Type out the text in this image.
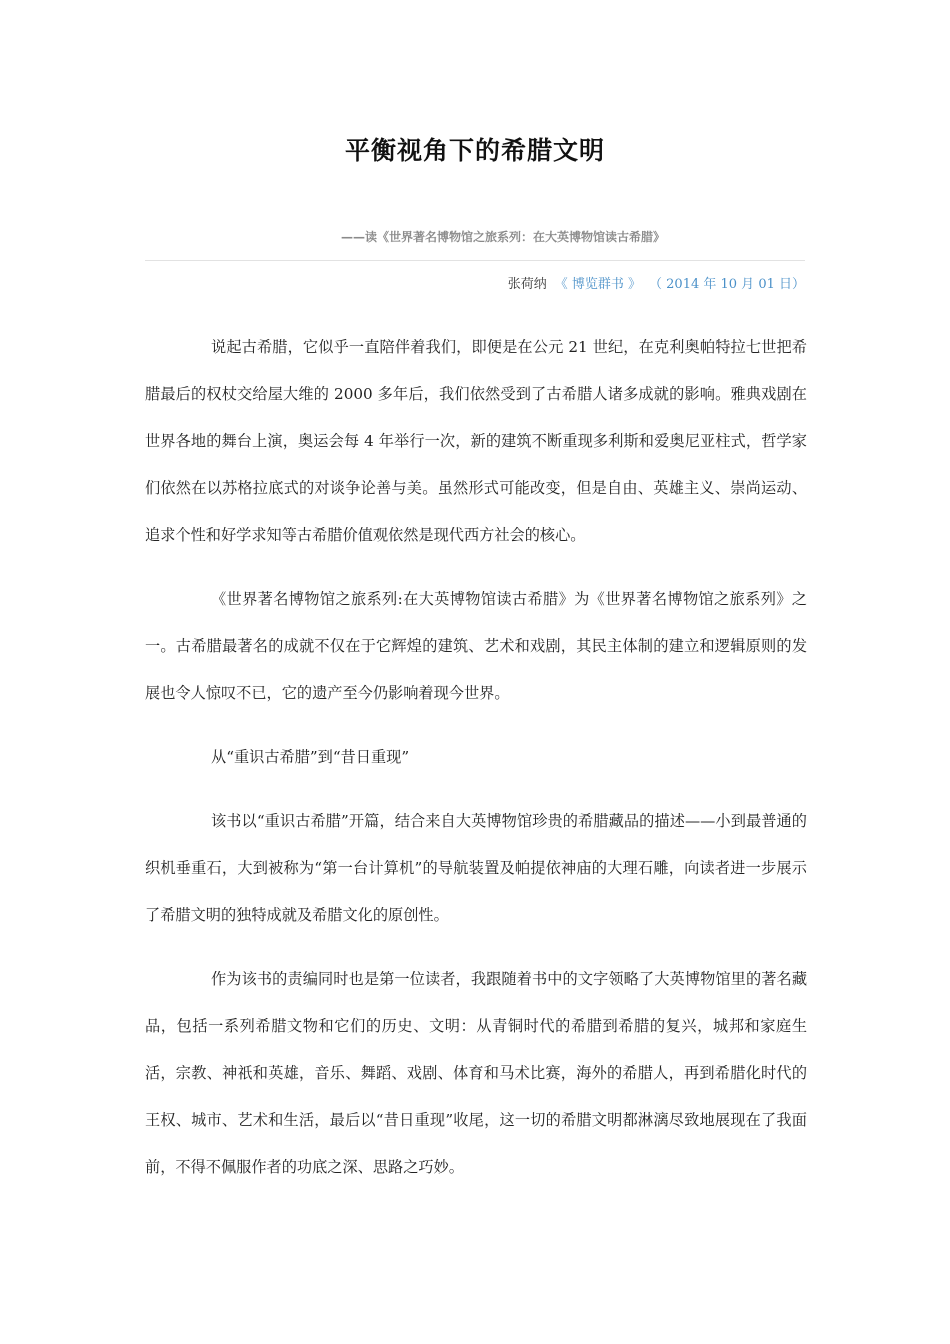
平衡视角下的希腊文明
——读《世界著名博物馆之旅系列：在大英博物馆读古希腊》
张荷纳 《 博览群书 》 （ 2014 年 10 月 01 日）

说起古希腊，它似乎一直陪伴着我们，即便是在公元 21 世纪，在克利奥帕特拉七世把希腊最后的权杖交给屋大维的 2000 多年后，我们依然受到了古希腊人诸多成就的影响。雅典戏剧在世界各地的舞台上演，奥运会每 4 年举行一次，新的建筑不断重现多利斯和爱奥尼亚柱式，哲学家们依然在以苏格拉底式的对谈争论善与美。虽然形式可能改变，但是自由、英雄主义、崇尚运动、追求个性和好学求知等古希腊价值观依然是现代西方社会的核心。

《世界著名博物馆之旅系列:在大英博物馆读古希腊》为《世界著名博物馆之旅系列》之一。古希腊最著名的成就不仅在于它辉煌的建筑、艺术和戏剧，其民主体制的建立和逻辑原则的发展也令人惊叹不已，它的遗产至今仍影响着现今世界。

从“重识古希腊”到“昔日重现”

该书以“重识古希腊”开篇，结合来自大英博物馆珍贵的希腊藏品的描述——小到最普通的织机垂重石，大到被称为“第一台计算机”的导航装置及帕提依神庙的大理石雕，向读者进一步展示了希腊文明的独特成就及希腊文化的原创性。

作为该书的责编同时也是第一位读者，我跟随着书中的文字领略了大英博物馆里的著名藏品，包括一系列希腊文物和它们的历史、文明：从青铜时代的希腊到希腊的复兴，城邦和家庭生活，宗教、神祇和英雄，音乐、舞蹈、戏剧、体育和马术比赛，海外的希腊人，再到希腊化时代的王权、城市、艺术和生活，最后以“昔日重现”收尾，这一切的希腊文明都淋漓尽致地展现在了我面前，不得不佩服作者的功底之深、思路之巧妙。
